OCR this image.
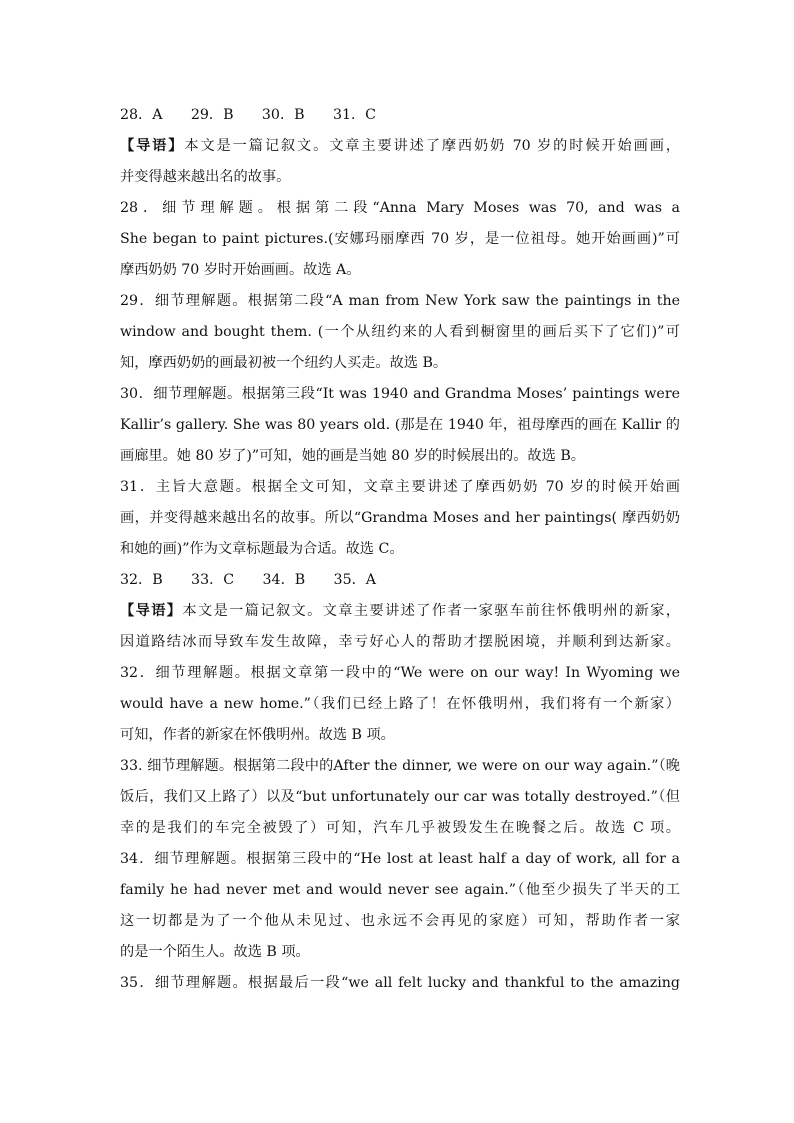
28．A　　29．B　　30．B　　31．C
【导语】本文是一篇记叙文。文章主要讲述了摩西奶奶 70 岁的时候开始画画，
并变得越来越出名的故事。
28．细节理解题。根据第二段“Anna Mary Moses was 70, and was a
She began to paint pictures.(安娜玛丽摩西 70 岁，是一位祖母。她开始画画)”可
摩西奶奶 70 岁时开始画画。故选 A。
29．细节理解题。根据第二段“A man from New York saw the paintings in the
window and bought them. (一个从纽约来的人看到橱窗里的画后买下了它们)”可
知，摩西奶奶的画最初被一个纽约人买走。故选 B。
30．细节理解题。根据第三段“It was 1940 and Grandma Moses’ paintings were
Kallir’s gallery. She was 80 years old. (那是在 1940 年，祖母摩西的画在 Kallir 的
画廊里。她 80 岁了)”可知，她的画是当她 80 岁的时候展出的。故选 B。
31．主旨大意题。根据全文可知，文章主要讲述了摩西奶奶 70 岁的时候开始画
画，并变得越来越出名的故事。所以“Grandma Moses and her paintings( 摩西奶奶
和她的画)”作为文章标题最为合适。故选 C。
32．B　　33．C　　34．B　　35．A
【导语】本文是一篇记叙文。文章主要讲述了作者一家驱车前往怀俄明州的新家，
因道路结冰而导致车发生故障，幸亏好心人的帮助才摆脱困境，并顺利到达新家。
32．细节理解题。根据文章第一段中的“We were on our way! In Wyoming we
would have a new home.”（我们已经上路了！在怀俄明州，我们将有一个新家）
可知，作者的新家在怀俄明州。故选 B 项。
33. 细节理解题。根据第二段中的After the dinner, we were on our way again.”（晚
饭后，我们又上路了）以及“but unfortunately our car was totally destroyed.”（但
幸的是我们的车完全被毁了）可知，汽车几乎被毁发生在晚餐之后。故选 C 项。
34．细节理解题。根据第三段中的“He lost at least half a day of work, all for a
family he had never met and would never see again.”（他至少损失了半天的工
这一切都是为了一个他从未见过、也永远不会再见的家庭）可知，帮助作者一家
的是一个陌生人。故选 B 项。
35．细节理解题。根据最后一段“we all felt lucky and thankful to the amazing
